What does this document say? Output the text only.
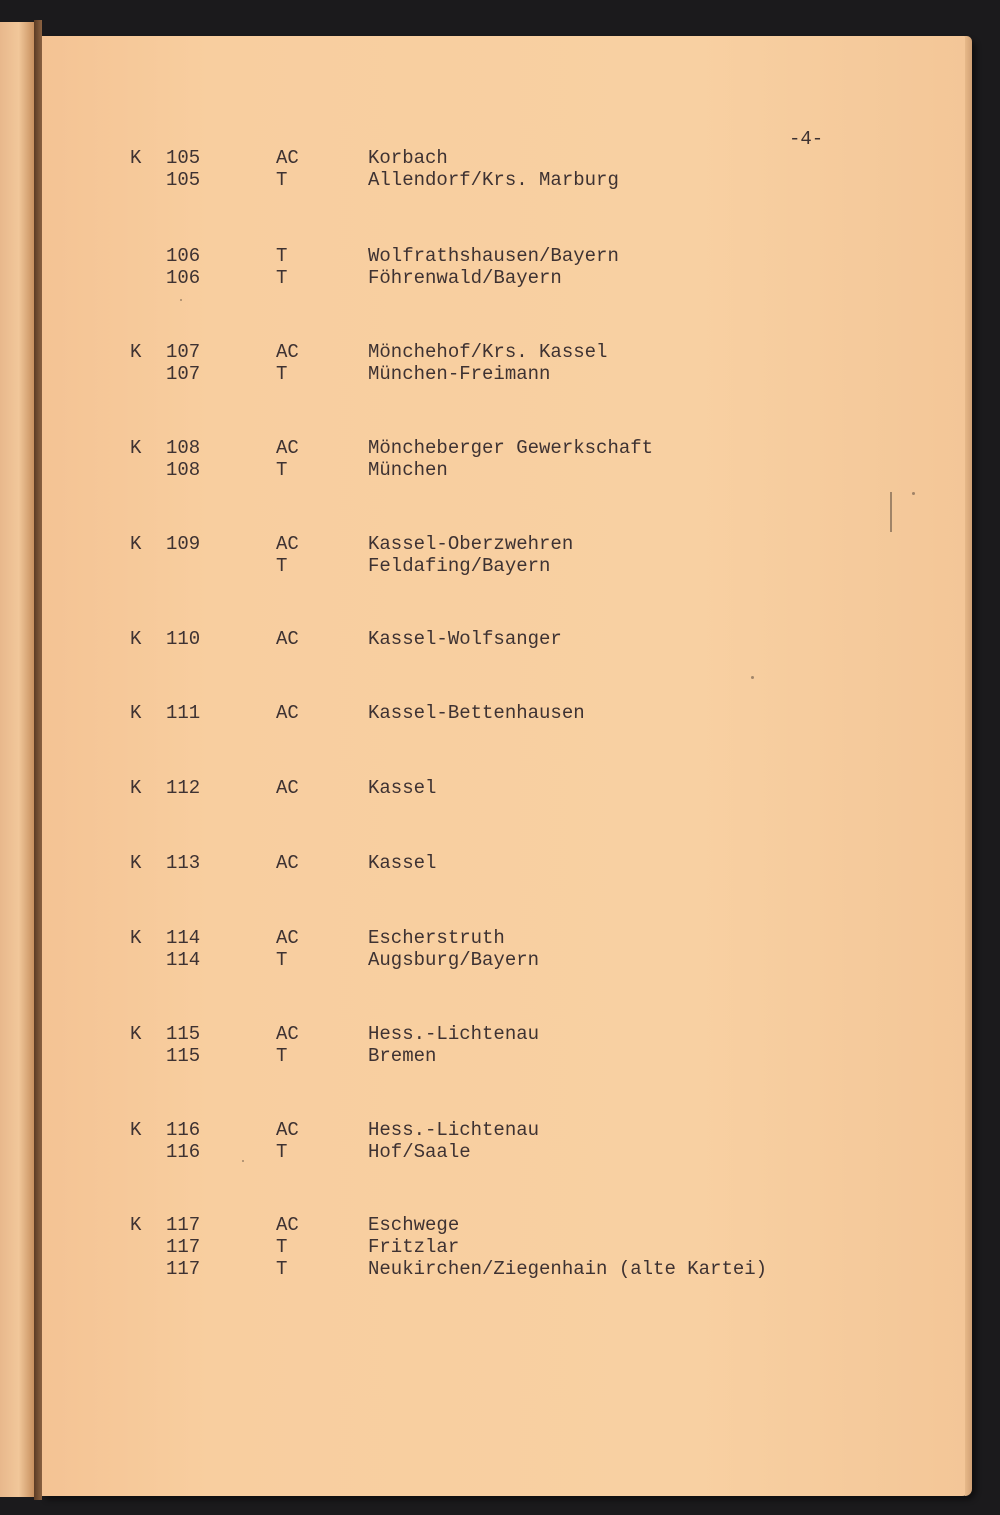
-4-

K 105	AC	Korbach

105	T	Allendorf/Krs. Marburg

106	T	Wolfrathshausen/Bayern

106	T	Föhrenwald/Bayern

K 107	AC	Mönchehof/Krs. Kassel

107	T	München-Freimann

K 108	AC	Möncheberger Gewerkschaft

108	T	München

K 109	AC	Kassel-Oberzwehren

T	Feldafing/Bayern

K 110	AC	Kassel-Wolfsanger

K 111	AC	Kassel-Bettenhausen

K 112	AC	Kassel

K 113	AC	Kassel

K 114	AC	Escherstruth

114	T	Augsburg/Bayern

K 115	AC	Hess.-Lichtenau

115	T	Bremen

K 116	AC	Hess.-Lichtenau

116	T	Hof/Saale

K 117	AC	Eschwege

117	T	Fritzlar

117	T	Neukirchen/Ziegenhain (alte Kartei)
